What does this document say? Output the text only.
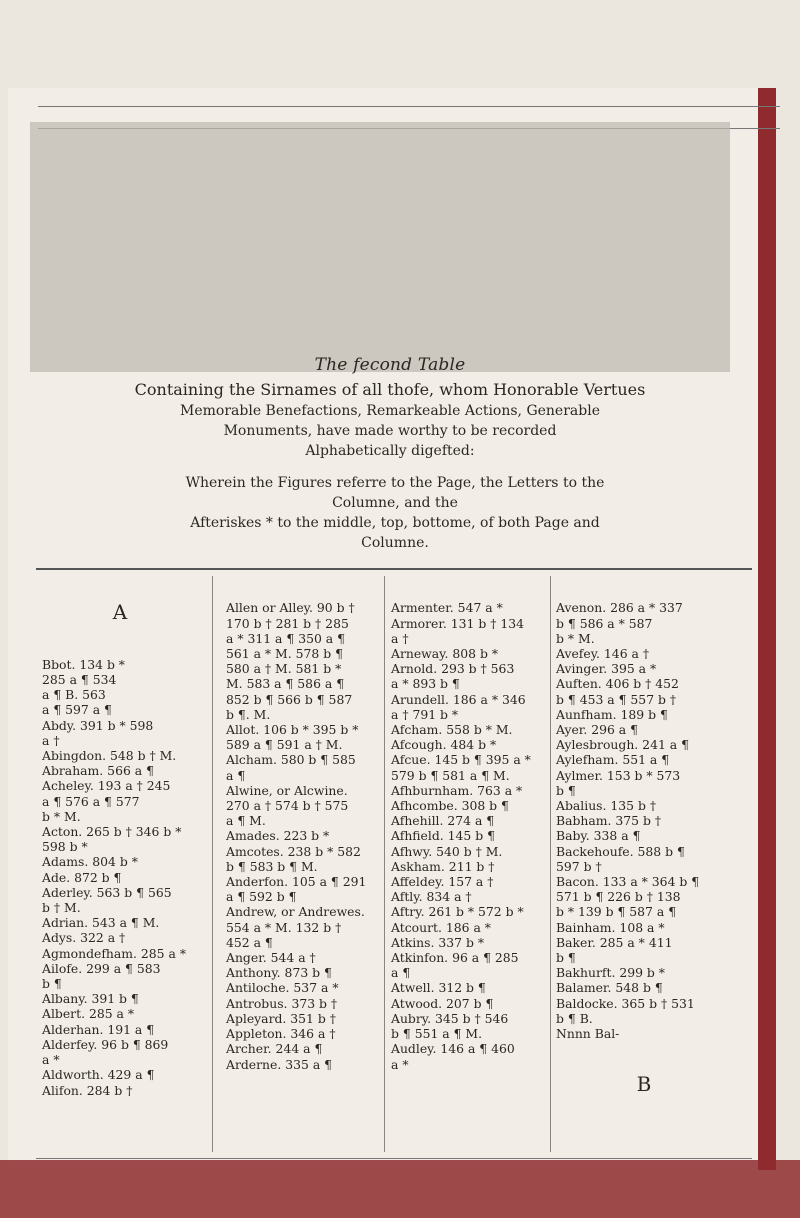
The fecond Table
Containing the Sirnames of all thofe, whom Honorable Vertues
Memorable Benefactions, Remarkeable Actions, Generable
Monuments, have made worthy to be recorded
Alphabetically digefted:
Wherein the Figures referre to the Page, the Letters to the Columne, and the
Afteriskes * to the middle, top, bottome, of both Page and Columne.

A

Bbot. 134 b *
285 a ¶ 534
a ¶ B. 563
a ¶ 597 a ¶
Abdy. 391 b * 598
a †
Abingdon. 548 b † M.
Abraham. 566 a ¶
Acheley. 193 a † 245
a ¶ 576 a ¶ 577
b * M.
Acton. 265 b † 346 b *
598 b *
Adams. 804 b *
Ade. 872 b ¶
Aderley. 563 b ¶ 565
b † M.
Adrian. 543 a ¶ M.
Adys. 322 a †
Agmondefham. 285 a *
Ailofe. 299 a ¶ 583
b ¶
Albany. 391 b ¶
Albert. 285 a *
Alderhan. 191 a ¶
Alderfey. 96 b ¶ 869
a *
Aldworth. 429 a ¶
Alifon. 284 b †

Allen or Alley. 90 b †
170 b † 281 b † 285
a * 311 a ¶ 350 a ¶
561 a * M. 578 b ¶
580 a † M. 581 b *
M. 583 a ¶ 586 a ¶
852 b ¶ 566 b ¶ 587
b ¶. M.
Allot. 106 b * 395 b *
589 a ¶ 591 a † M.
Alcham. 580 b ¶ 585
a ¶
Alwine, or Alcwine.
270 a † 574 b † 575
a ¶ M.
Amades. 223 b *
Amcotes. 238 b * 582
b ¶ 583 b ¶ M.
Anderfon. 105 a ¶ 291
a ¶ 592 b ¶
Andrew, or Andrewes.
554 a * M. 132 b †
452 a ¶
Anger. 544 a †
Anthony. 873 b ¶
Antiloche. 537 a *
Antrobus. 373 b †
Apleyard. 351 b †
Appleton. 346 a †
Archer. 244 a ¶
Arderne. 335 a ¶

Armenter. 547 a *
Armorer. 131 b † 134
a †
Arneway. 808 b *
Arnold. 293 b † 563
a * 893 b ¶
Arundell. 186 a * 346
a † 791 b *
Afcham. 558 b * M.
Afcough. 484 b *
Afcue. 145 b ¶ 395 a *
579 b ¶ 581 a ¶ M.
Afhburnham. 763 a *
Afhcombe. 308 b ¶
Afhehill. 274 a ¶
Afhfield. 145 b ¶
Afhwy. 540 b † M.
Askham. 211 b †
Affeldey. 157 a †
Aftly. 834 a †
Aftry. 261 b * 572 b *
Atcourt. 186 a *
Atkins. 337 b *
Atkinfon. 96 a ¶ 285
a ¶
Atwell. 312 b ¶
Atwood. 207 b ¶
Aubry. 345 b † 546
b ¶ 551 a ¶ M.
Audley. 146 a ¶ 460
a *

Avenon. 286 a * 337
b ¶ 586 a * 587
b * M.
Avefey. 146 a †
Avinger. 395 a *
Auften. 406 b † 452
b ¶ 453 a ¶ 557 b †
Aunfham. 189 b ¶
Ayer. 296 a ¶
Aylesbrough. 241 a ¶
Aylefham. 551 a ¶
Aylmer. 153 b * 573
b ¶
Abalius. 135 b †
Babham. 375 b †
Baby. 338 a ¶
Backehoufe. 588 b ¶
597 b †
Bacon. 133 a * 364 b ¶
571 b ¶ 226 b † 138
b * 139 b ¶ 587 a ¶
Bainham. 108 a *
Baker. 285 a * 411
b ¶
Bakhurft. 299 b *
Balamer. 548 b ¶
Baldocke. 365 b † 531
b ¶ B.
Nnnn Bal-

B
